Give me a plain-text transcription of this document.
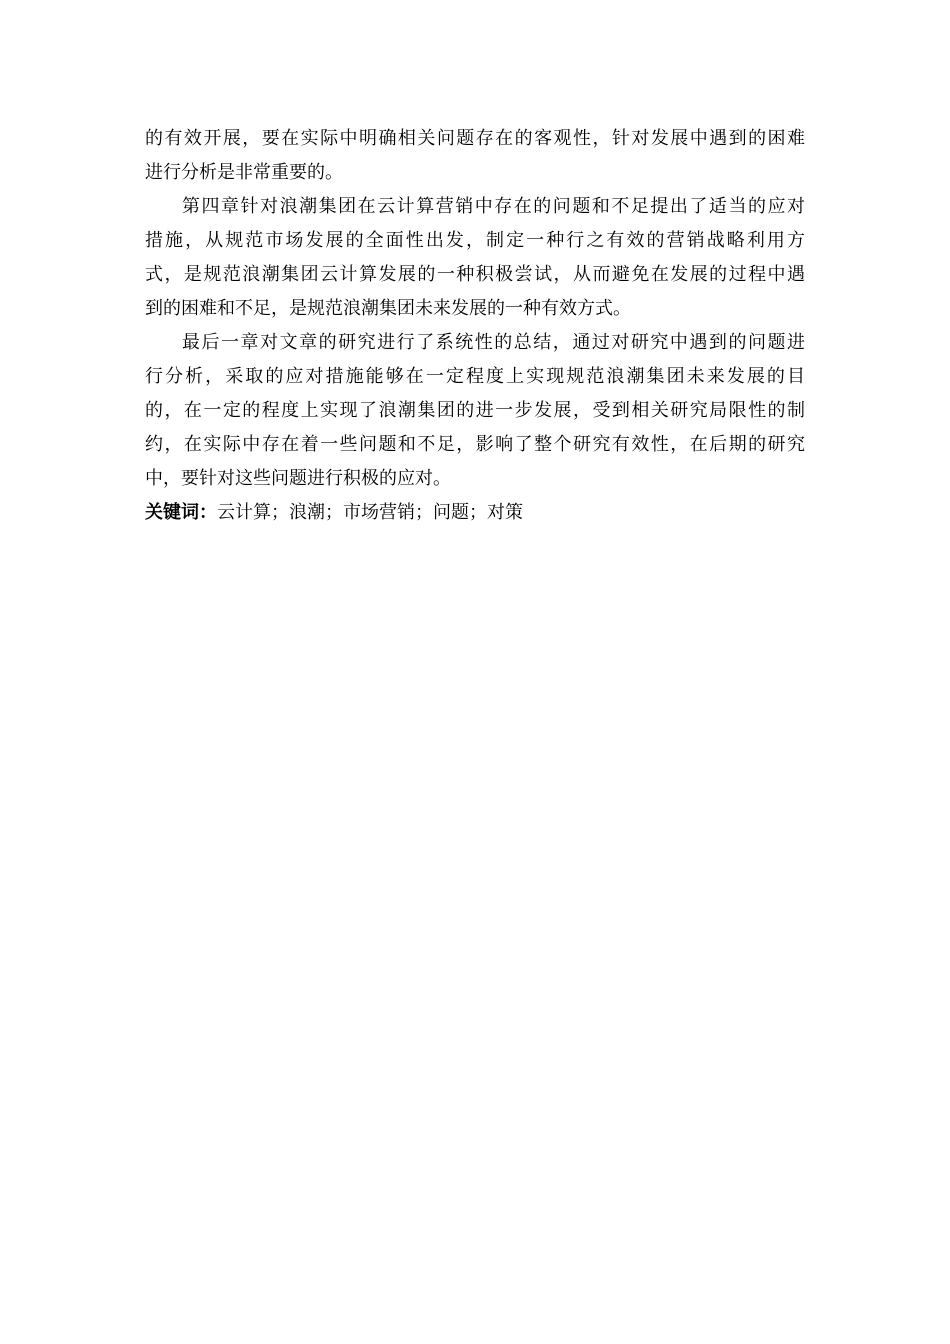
的有效开展，要在实际中明确相关问题存在的客观性，针对发展中遇到的困难
进行分析是非常重要的。
第四章针对浪潮集团在云计算营销中存在的问题和不足提出了适当的应对
措施，从规范市场发展的全面性出发，制定一种行之有效的营销战略利用方
式，是规范浪潮集团云计算发展的一种积极尝试，从而避免在发展的过程中遇
到的困难和不足，是规范浪潮集团未来发展的一种有效方式。
最后一章对文章的研究进行了系统性的总结，通过对研究中遇到的问题进
行分析，采取的应对措施能够在一定程度上实现规范浪潮集团未来发展的目
的，在一定的程度上实现了浪潮集团的进一步发展，受到相关研究局限性的制
约，在实际中存在着一些问题和不足，影响了整个研究有效性，在后期的研究
中，要针对这些问题进行积极的应对。
关键词：云计算；浪潮；市场营销；问题；对策
